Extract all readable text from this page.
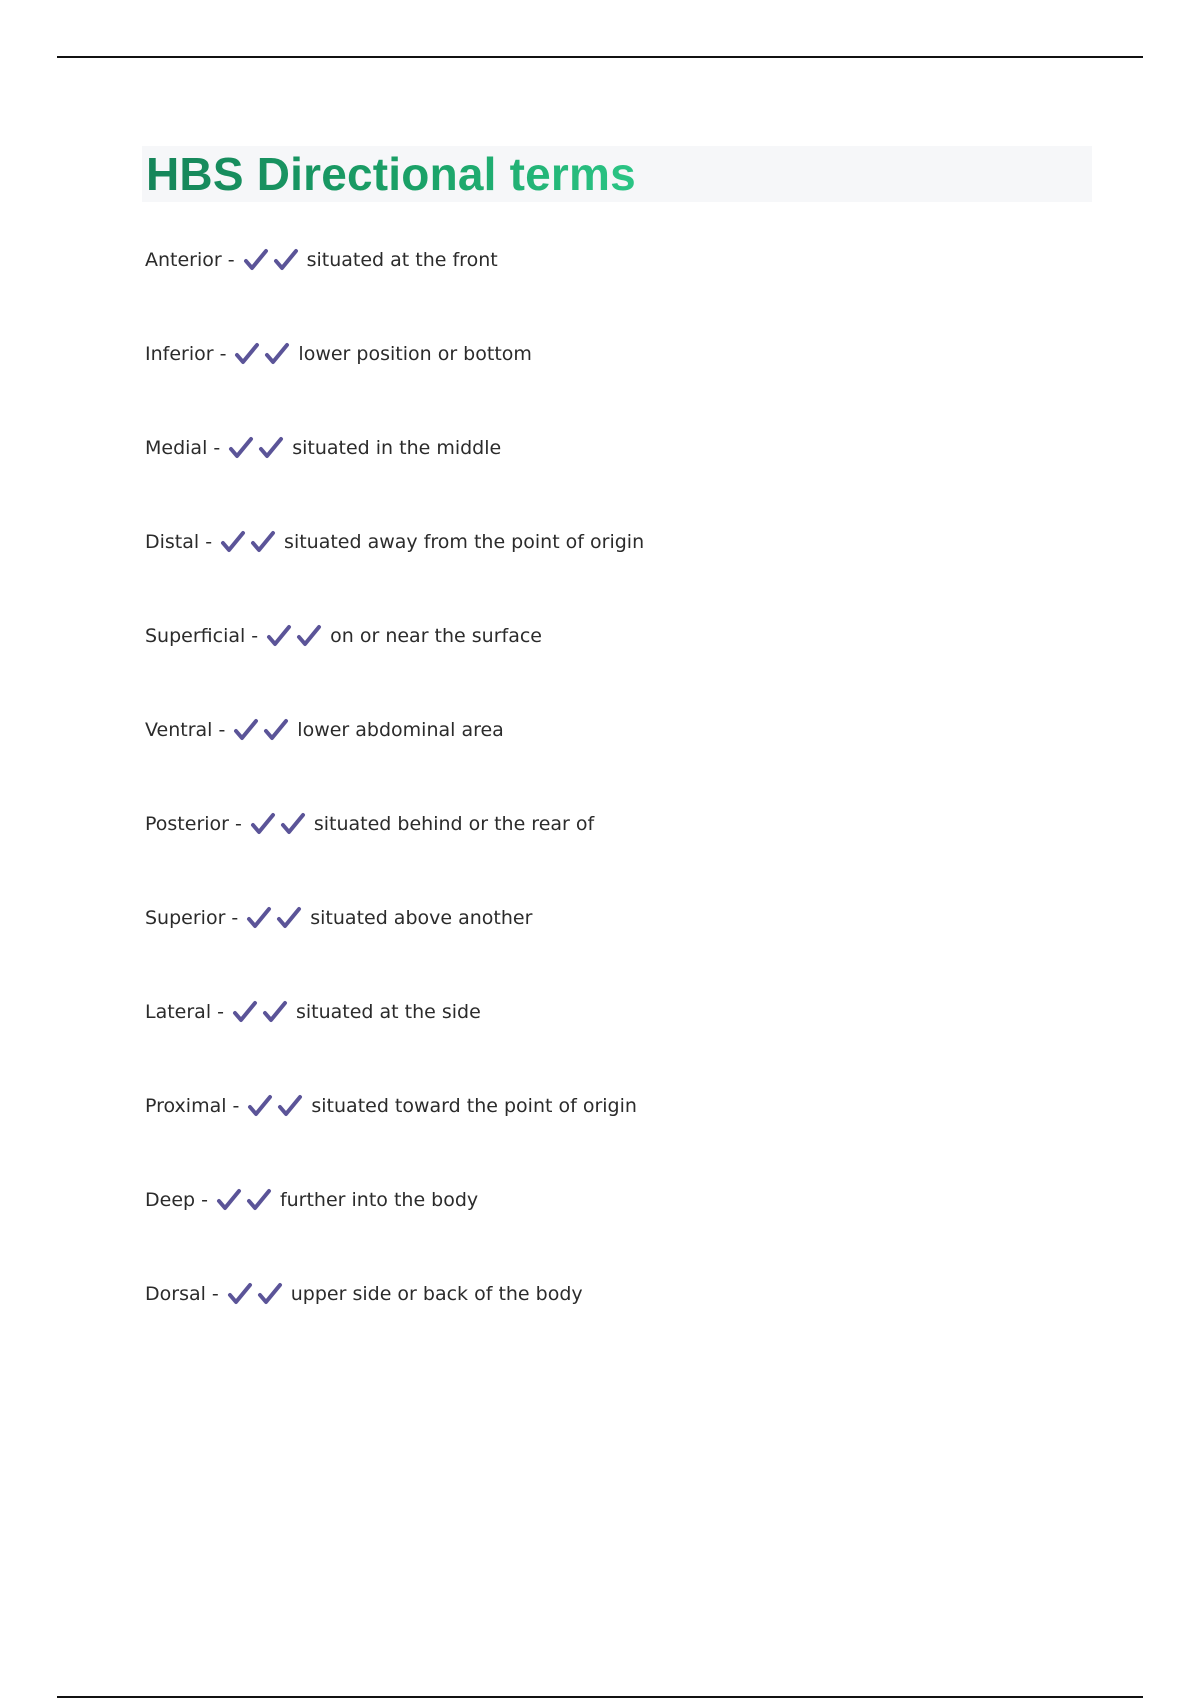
HBS Directional terms
Anterior -	situated at the front
Inferior -	lower position or bottom
Medial -	situated in the middle
Distal -	situated away from the point of origin
Superficial -	on or near the surface
Ventral -	lower abdominal area
Posterior -	situated behind or the rear of
Superior -	situated above another
Lateral -	situated at the side
Proximal -	situated toward the point of origin
Deep -	further into the body
Dorsal -	upper side or back of the body
